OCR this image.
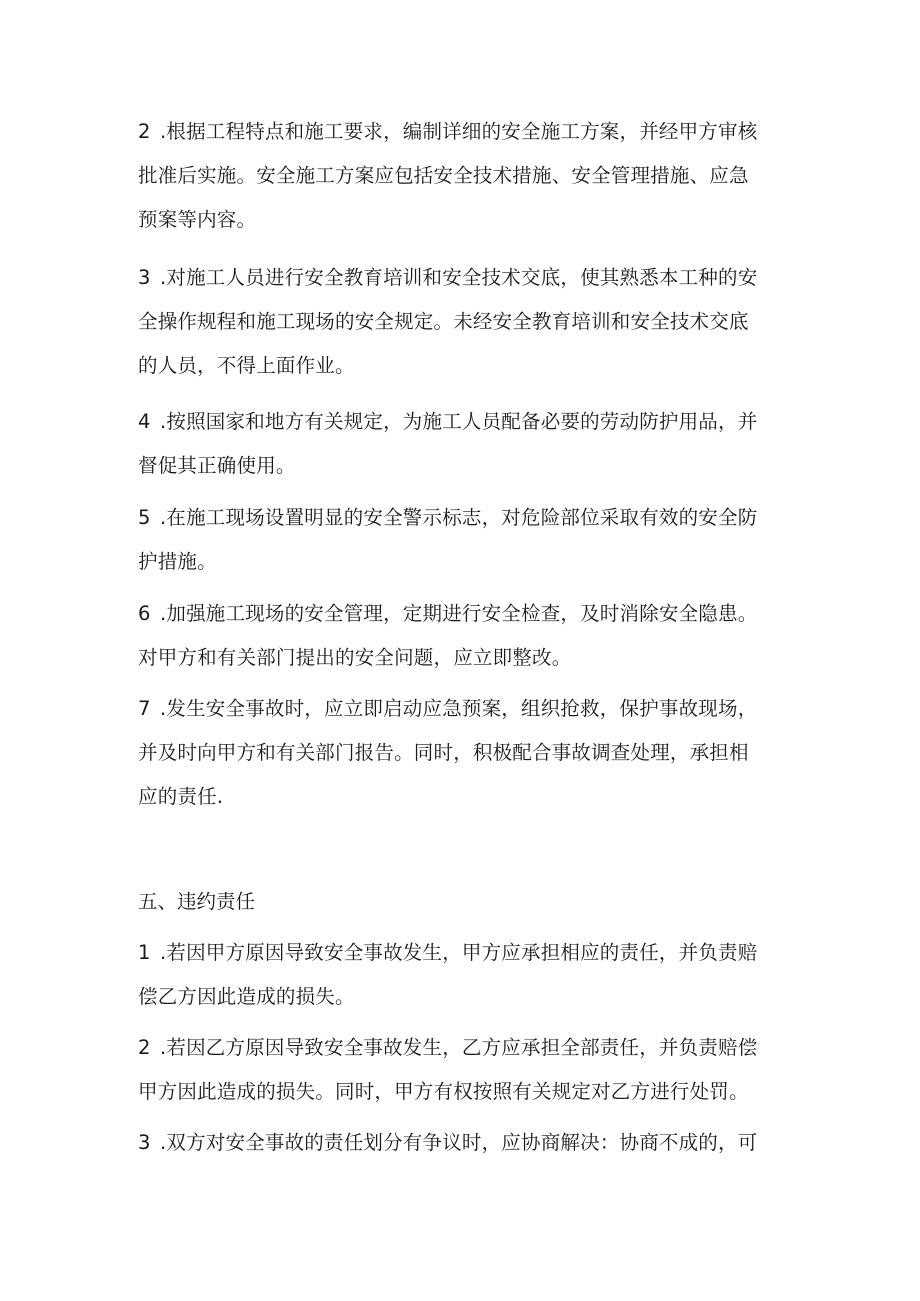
2 .根据工程特点和施工要求，编制详细的安全施工方案，并经甲方审核
批准后实施。安全施工方案应包括安全技术措施、安全管理措施、应急
预案等内容。
3 .对施工人员进行安全教育培训和安全技术交底，使其熟悉本工种的安
全操作规程和施工现场的安全规定。未经安全教育培训和安全技术交底
的人员，不得上面作业。
4 .按照国家和地方有关规定，为施工人员配备必要的劳动防护用品，并
督促其正确使用。
5 .在施工现场设置明显的安全警示标志，对危险部位采取有效的安全防
护措施。
6 .加强施工现场的安全管理，定期进行安全检查，及时消除安全隐患。
对甲方和有关部门提出的安全问题，应立即整改。
7 .发生安全事故时，应立即启动应急预案，组织抢救，保护事故现场，
并及时向甲方和有关部门报告。同时，积极配合事故调查处理，承担相
应的责任.
五、违约责任
1 .若因甲方原因导致安全事故发生，甲方应承担相应的责任，并负责赔
偿乙方因此造成的损失。
2 .若因乙方原因导致安全事故发生，乙方应承担全部责任，并负责赔偿
甲方因此造成的损失。同时，甲方有权按照有关规定对乙方进行处罚。
3 .双方对安全事故的责任划分有争议时，应协商解决：协商不成的，可
